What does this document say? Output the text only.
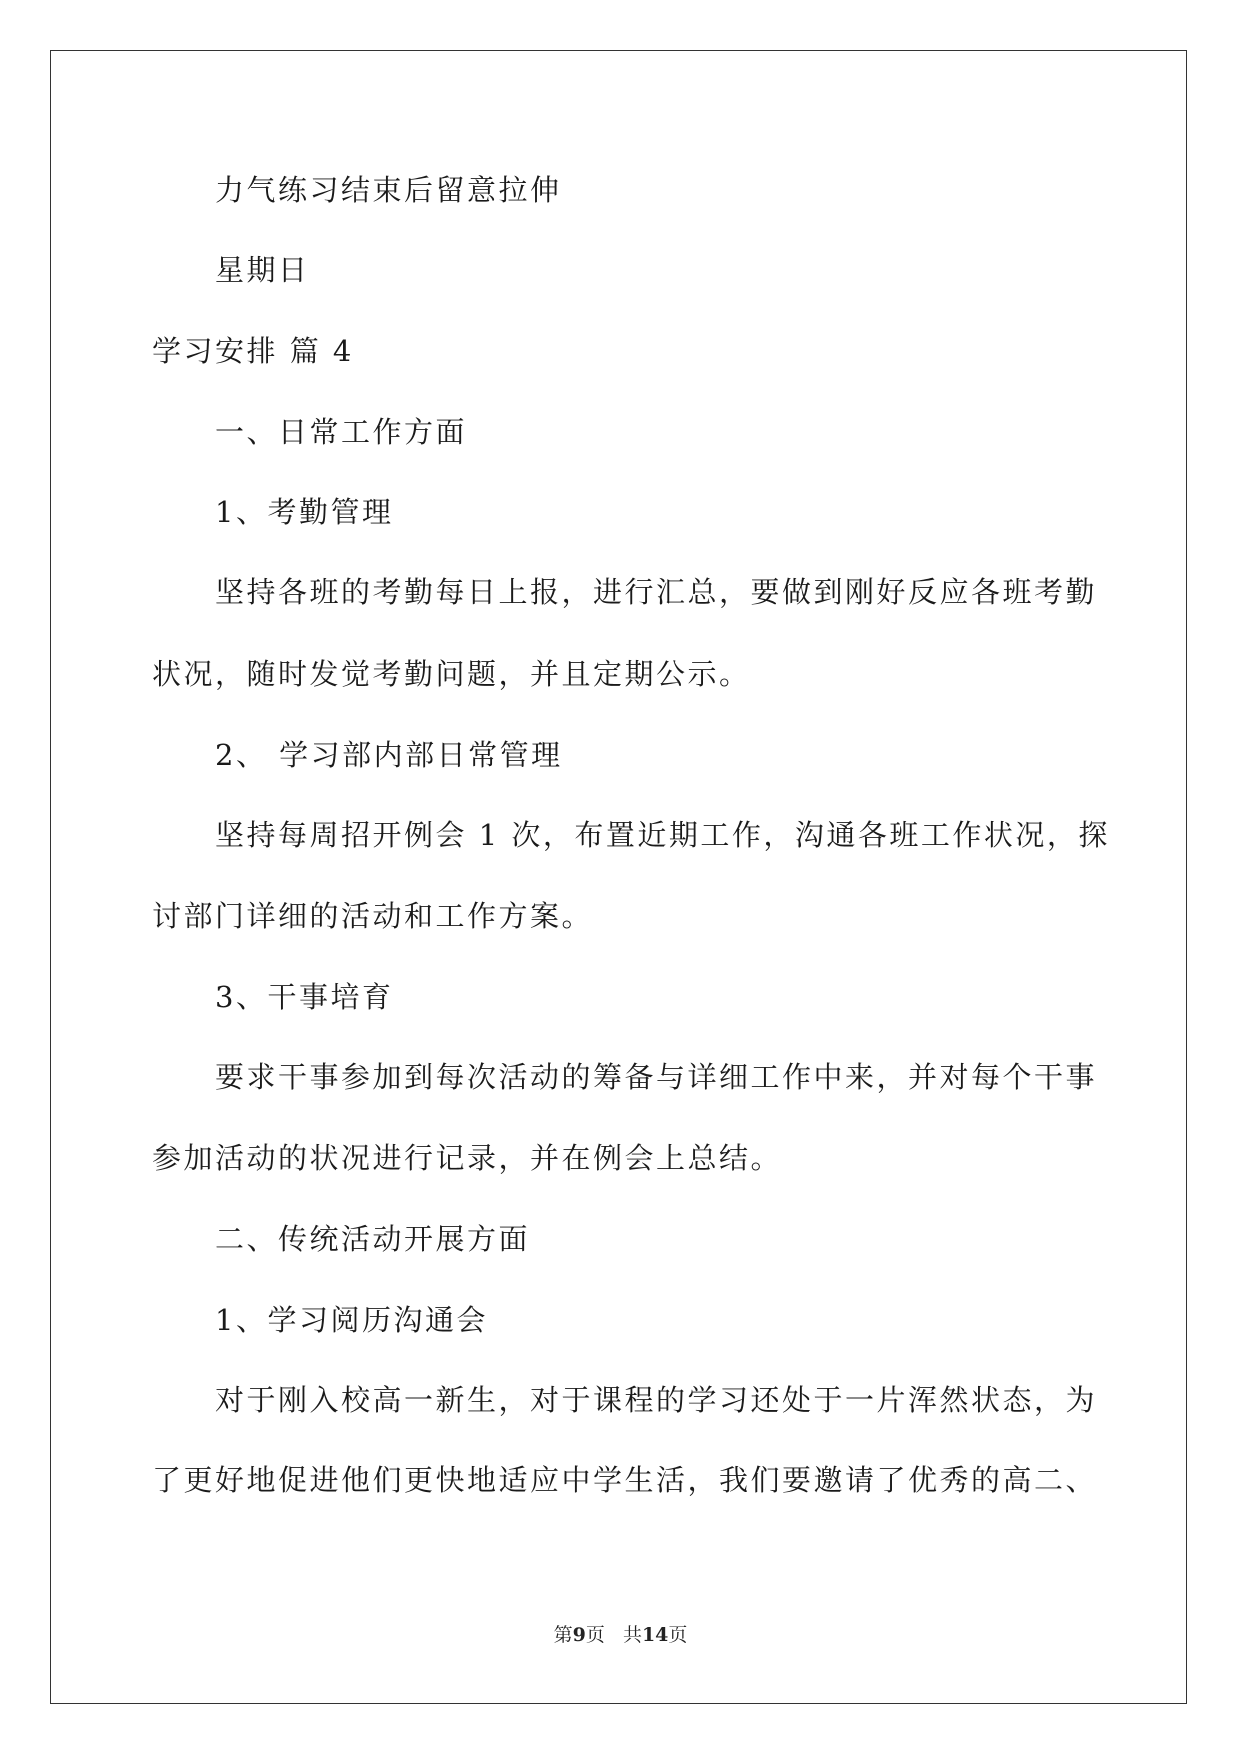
力气练习结束后留意拉伸
星期日
学习安排 篇 4
一、日常工作方面
1、考勤管理
坚持各班的考勤每日上报，进行汇总，要做到刚好反应各班考勤
状况，随时发觉考勤问题，并且定期公示。
2、 学习部内部日常管理
坚持每周招开例会 1 次，布置近期工作，沟通各班工作状况，探
讨部门详细的活动和工作方案。
3、干事培育
要求干事参加到每次活动的筹备与详细工作中来，并对每个干事
参加活动的状况进行记录，并在例会上总结。
二、传统活动开展方面
1、学习阅历沟通会
对于刚入校高一新生，对于课程的学习还处于一片浑然状态，为
了更好地促进他们更快地适应中学生活，我们要邀请了优秀的高二、
第9页   共14页
